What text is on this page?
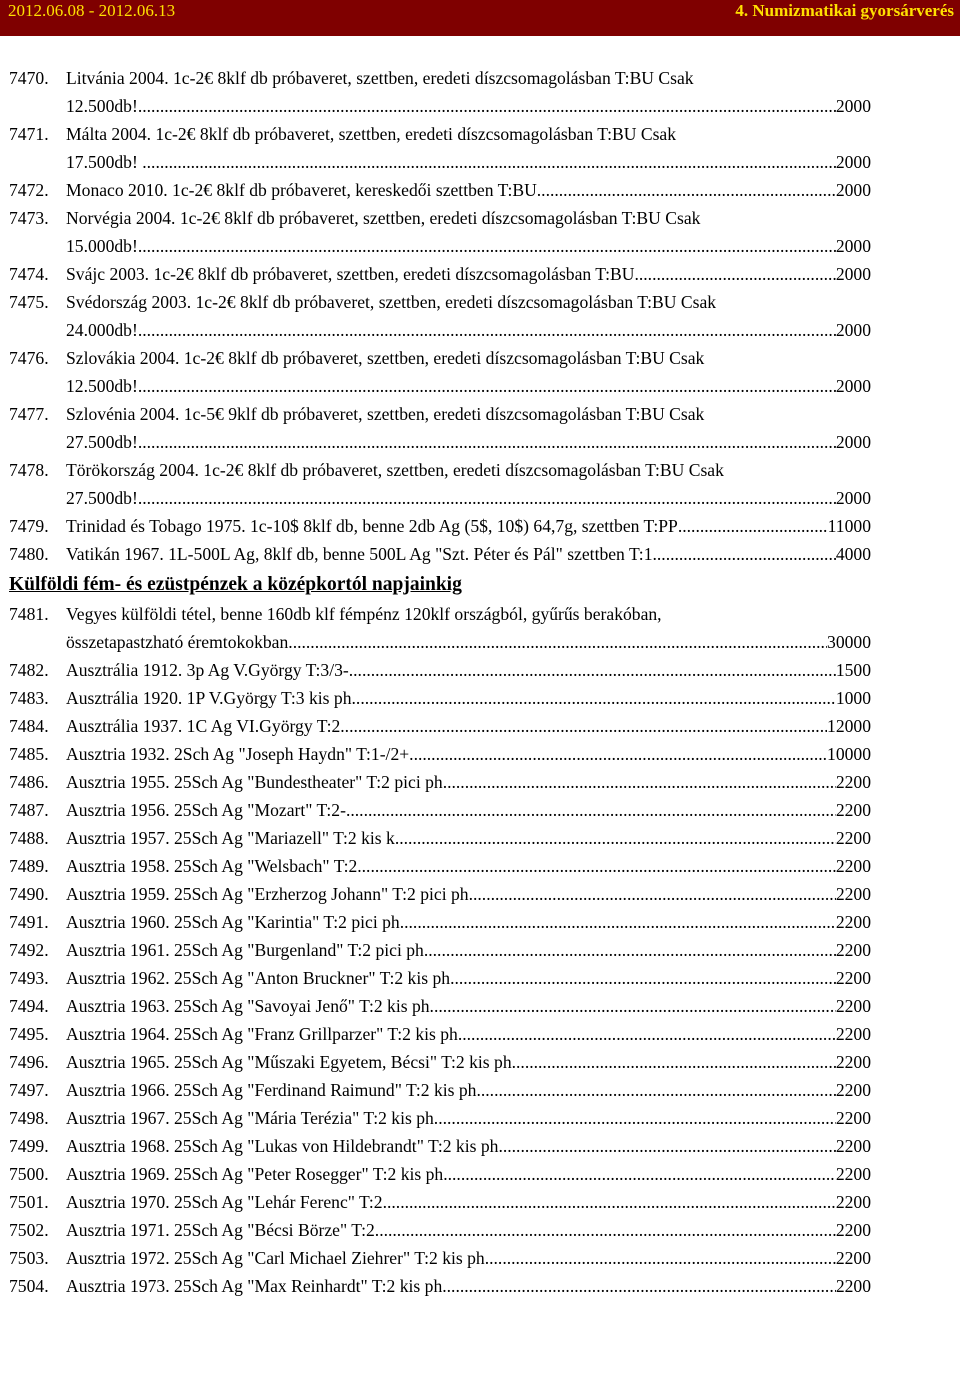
2012.06.08 - 2012.06.13	4. Numizmatikai gyorsárverés
7470. Litvánia 2004. 1c-2€ 8klf db próbaveret, szettben, eredeti díszcsomagolásban T:BU Csak
12.500db! .....	2000
7471. Málta 2004. 1c-2€ 8klf db próbaveret, szettben, eredeti díszcsomagolásban T:BU Csak
17.500db! . .....	2000
7472. Monaco 2010. 1c-2€ 8klf db próbaveret, kereskedői szettben T:BU .....	2000
7473. Norvégia 2004. 1c-2€ 8klf db próbaveret, szettben, eredeti díszcsomagolásban T:BU Csak
15.000db! .....	2000
7474. Svájc 2003. 1c-2€ 8klf db próbaveret, szettben, eredeti díszcsomagolásban T:BU .....	2000
7475. Svédország 2003. 1c-2€ 8klf db próbaveret, szettben, eredeti díszcsomagolásban T:BU Csak
24.000db! .....	2000
7476. Szlovákia 2004. 1c-2€ 8klf db próbaveret, szettben, eredeti díszcsomagolásban T:BU Csak
12.500db! .....	2000
7477. Szlovénia 2004. 1c-5€ 9klf db próbaveret, szettben, eredeti díszcsomagolásban T:BU Csak
27.500db! .....	2000
7478. Törökország 2004. 1c-2€ 8klf db próbaveret, szettben, eredeti díszcsomagolásban T:BU Csak
27.500db! .....	2000
7479. Trinidad és Tobago 1975. 1c-10$ 8klf db, benne 2db Ag (5$, 10$) 64,7g, szettben T:PP .....	11000
7480. Vatikán 1967. 1L-500L Ag, 8klf db, benne 500L Ag "Szt. Péter és Pál" szettben T:1 .....	4000
Külföldi fém- és ezüstpénzek a középkortól napjainkig
7481. Vegyes külföldi tétel, benne 160db klf fémpénz 120klf országból, gyűrűs berakóban,
összetapastzható éremtokokban .....	30000
7482. Ausztrália 1912. 3p Ag V.György T:3/3- .....	1500
7483. Ausztrália 1920. 1P V.György T:3 kis ph. .....	1000
7484. Ausztrália 1937. 1C Ag VI.György T:2 .....	12000
7485. Ausztria 1932. 2Sch Ag "Joseph Haydn" T:1-/2+ .....	10000
7486. Ausztria 1955. 25Sch Ag "Bundestheater" T:2 pici ph. .....	2200
7487. Ausztria 1956. 25Sch Ag "Mozart" T:2- .....	2200
7488. Ausztria 1957. 25Sch Ag "Mariazell" T:2 kis k. .....	2200
7489. Ausztria 1958. 25Sch Ag "Welsbach" T:2 .....	2200
7490. Ausztria 1959. 25Sch Ag "Erzherzog Johann" T:2 pici ph. .....	2200
7491. Ausztria 1960. 25Sch Ag "Karintia" T:2 pici ph. .....	2200
7492. Ausztria 1961. 25Sch Ag "Burgenland" T:2 pici ph. .....	2200
7493. Ausztria 1962. 25Sch Ag "Anton Bruckner" T:2 kis ph. .....	2200
7494. Ausztria 1963. 25Sch Ag "Savoyai Jenő" T:2 kis ph. .....	2200
7495. Ausztria 1964. 25Sch Ag "Franz Grillparzer" T:2 kis ph. .....	2200
7496. Ausztria 1965. 25Sch Ag "Műszaki Egyetem, Bécsi" T:2 kis ph. .....	2200
7497. Ausztria 1966. 25Sch Ag "Ferdinand Raimund" T:2 kis ph. .....	2200
7498. Ausztria 1967. 25Sch Ag "Mária Terézia" T:2 kis ph. .....	2200
7499. Ausztria 1968. 25Sch Ag "Lukas von Hildebrandt" T:2 kis ph. .....	2200
7500. Ausztria 1969. 25Sch Ag "Peter Rosegger" T:2 kis ph. .....	2200
7501. Ausztria 1970. 25Sch Ag "Lehár Ferenc" T:2 .....	2200
7502. Ausztria 1971. 25Sch Ag "Bécsi Börze" T:2 .....	2200
7503. Ausztria 1972. 25Sch Ag "Carl Michael Ziehrer" T:2 kis ph. .....	2200
7504. Ausztria 1973. 25Sch Ag "Max Reinhardt" T:2 kis ph. .....	2200
